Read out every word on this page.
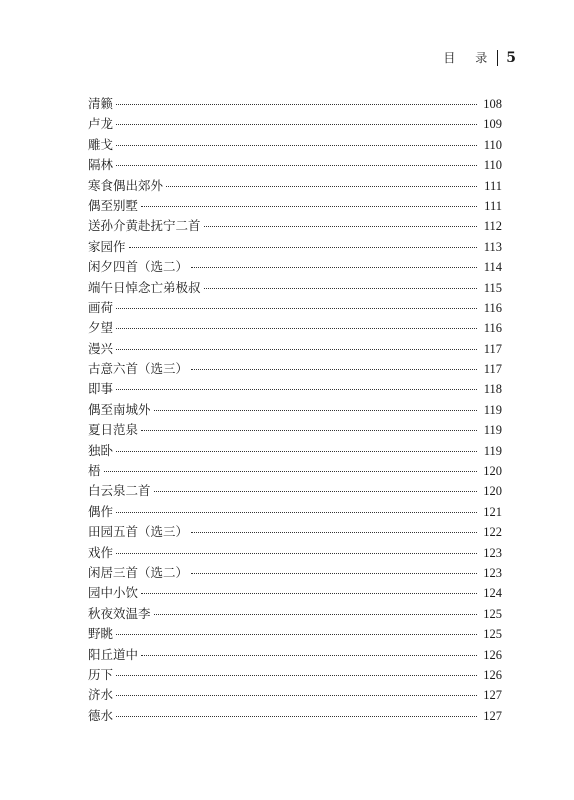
目 录 5
清籁	108
卢龙	109
雕戈	110
隔林	110
寒食偶出郊外	111
偶至别墅	111
送孙介黄赴抚宁二首	112
家园作	113
闲夕四首（选二）	114
端午日悼念亡弟极叔	115
画荷	116
夕望	116
漫兴	117
古意六首（选三）	117
即事	118
偶至南城外	119
夏日范泉	119
独卧	119
梧	120
白云泉二首	120
偶作	121
田园五首（选三）	122
戏作	123
闲居三首（选二）	123
园中小饮	124
秋夜效温李	125
野眺	125
阳丘道中	126
历下	126
济水	127
德水	127
